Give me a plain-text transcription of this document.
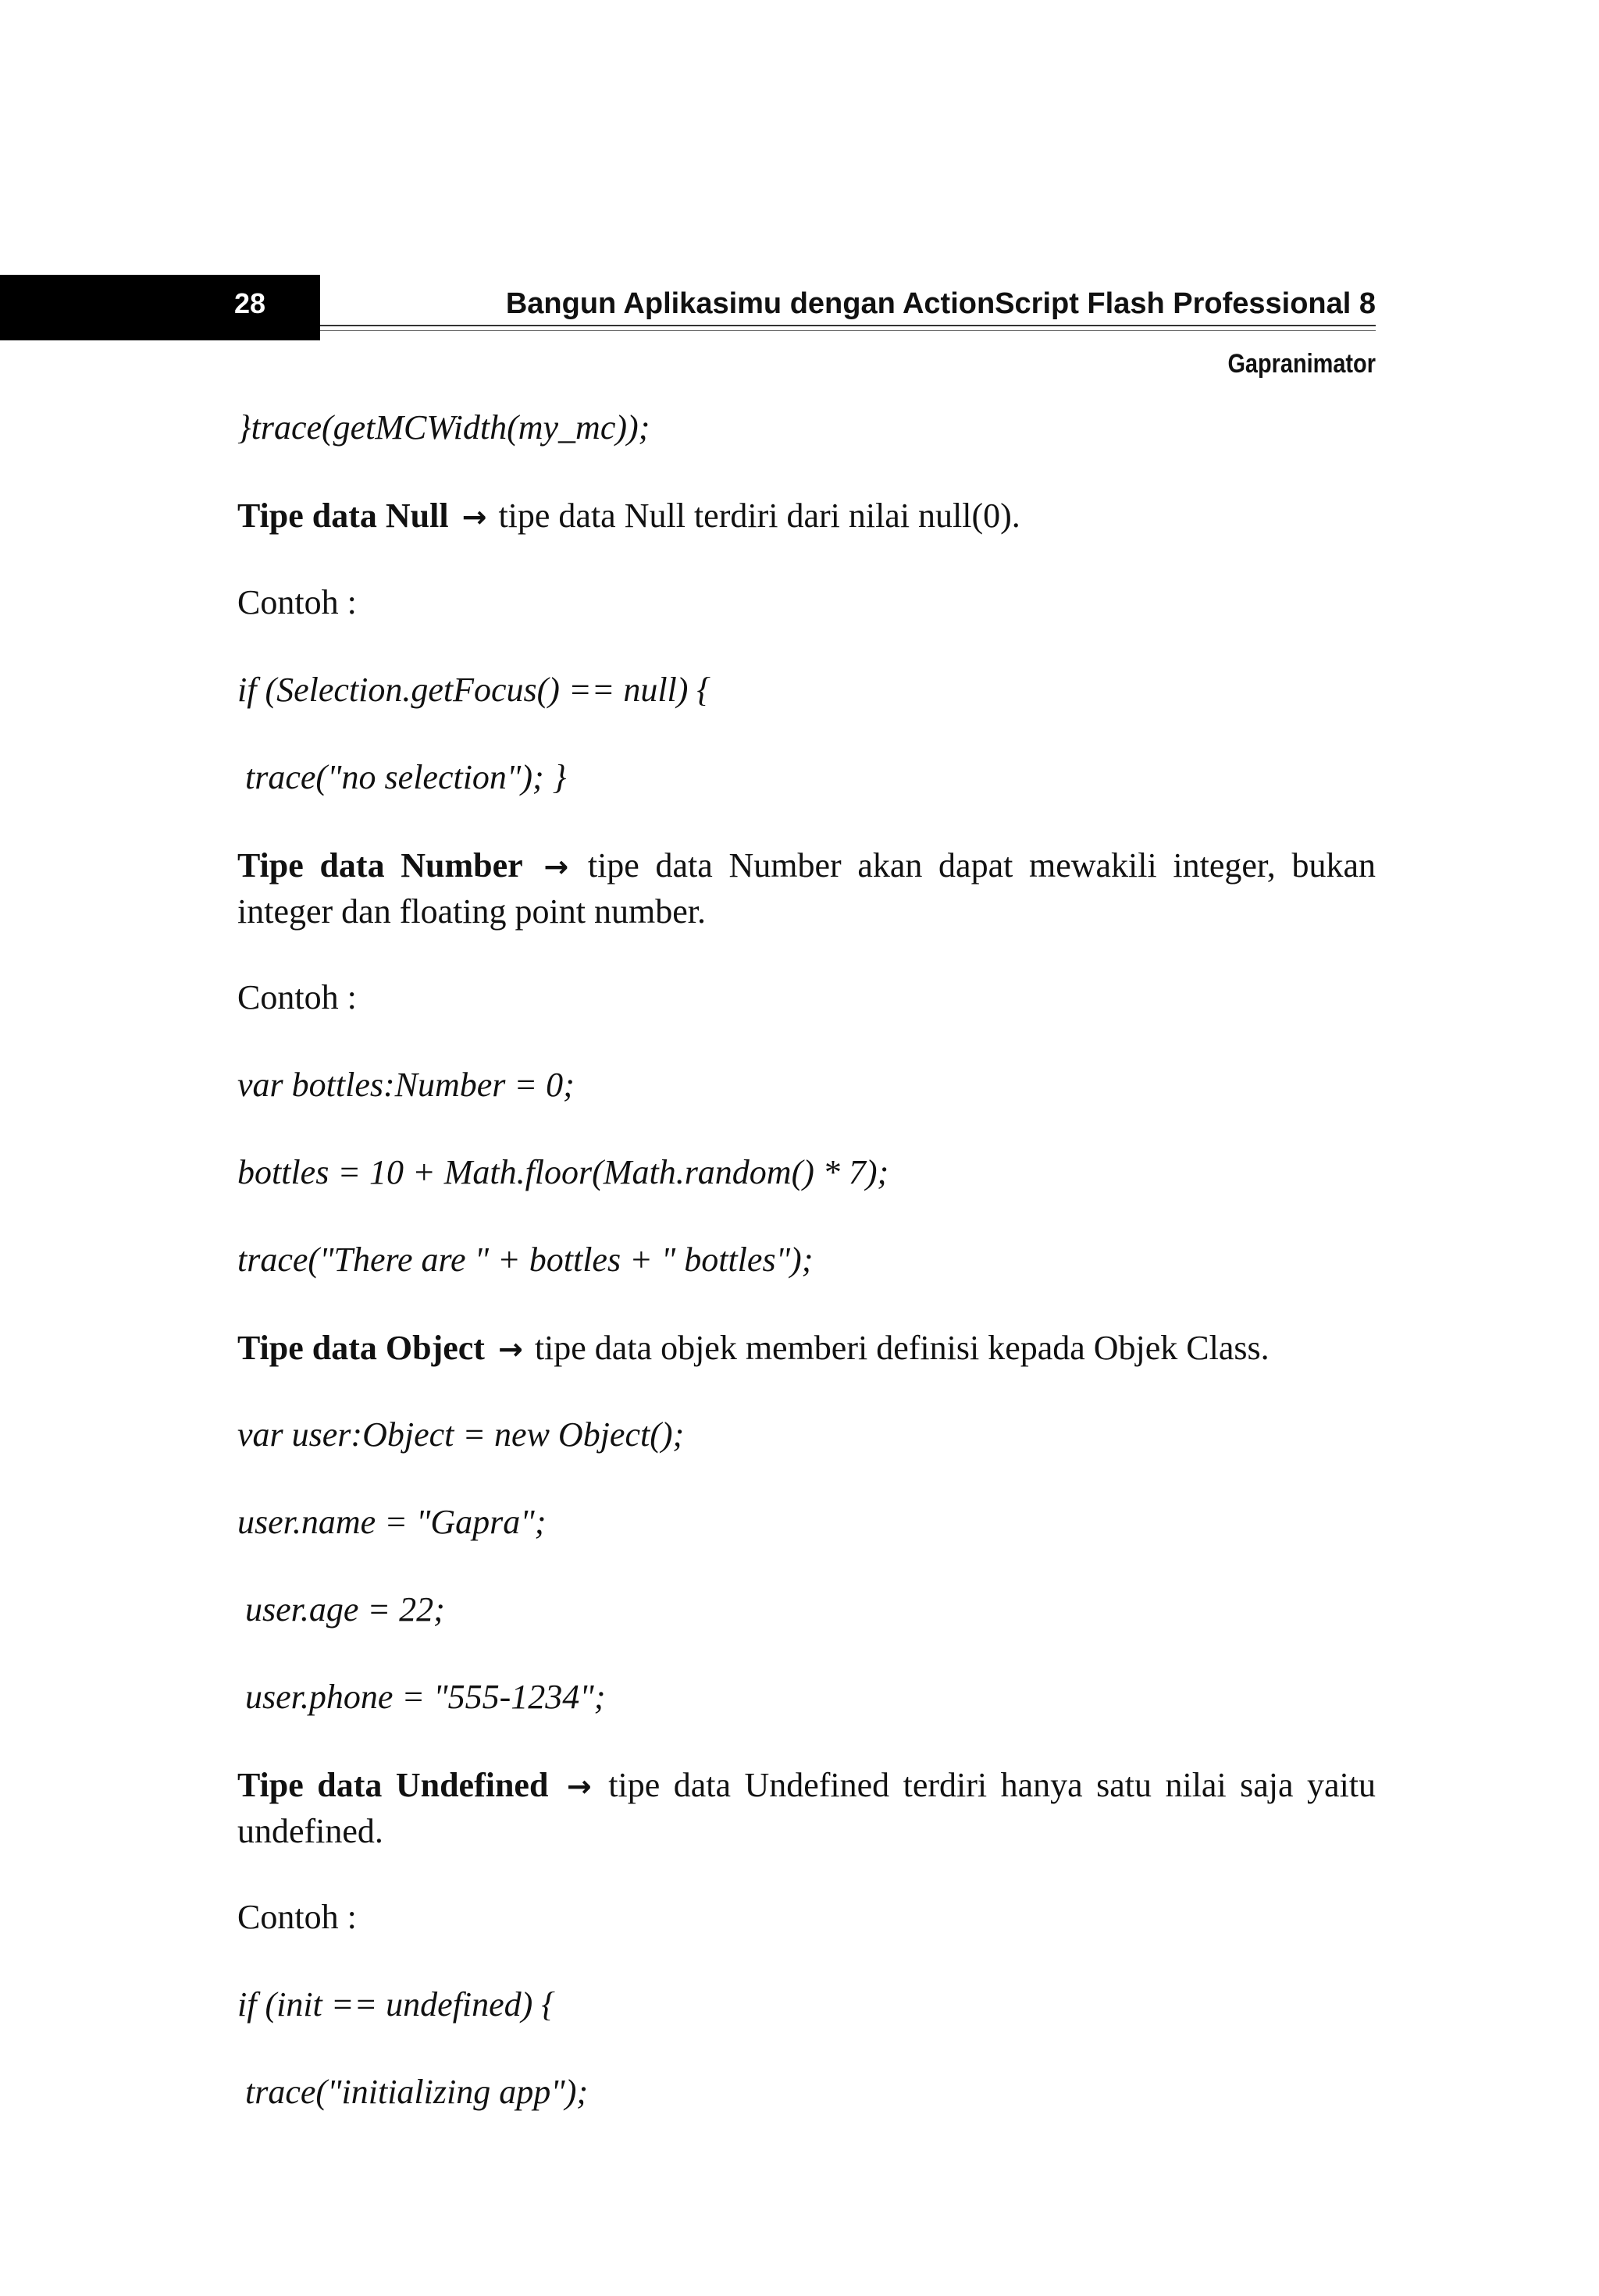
28	Bangun Aplikasimu dengan ActionScript Flash Professional 8
Gapranimator
}trace(getMCWidth(my_mc));
Tipe data Null → tipe data Null terdiri dari nilai null(0).
Contoh :
if (Selection.getFocus() == null) {
trace("no selection"); }
Tipe data Number → tipe data Number akan dapat mewakili integer, bukan integer dan floating point number.
Contoh :
var bottles:Number = 0;
bottles = 10 + Math.floor(Math.random() * 7);
trace("There are " + bottles + " bottles");
Tipe data Object → tipe data objek memberi definisi kepada Objek Class.
var user:Object = new Object();
user.name = "Gapra";
user.age = 22;
user.phone = "555-1234";
Tipe data Undefined → tipe data Undefined terdiri hanya satu nilai saja yaitu undefined.
Contoh :
if (init == undefined) {
trace("initializing app");
